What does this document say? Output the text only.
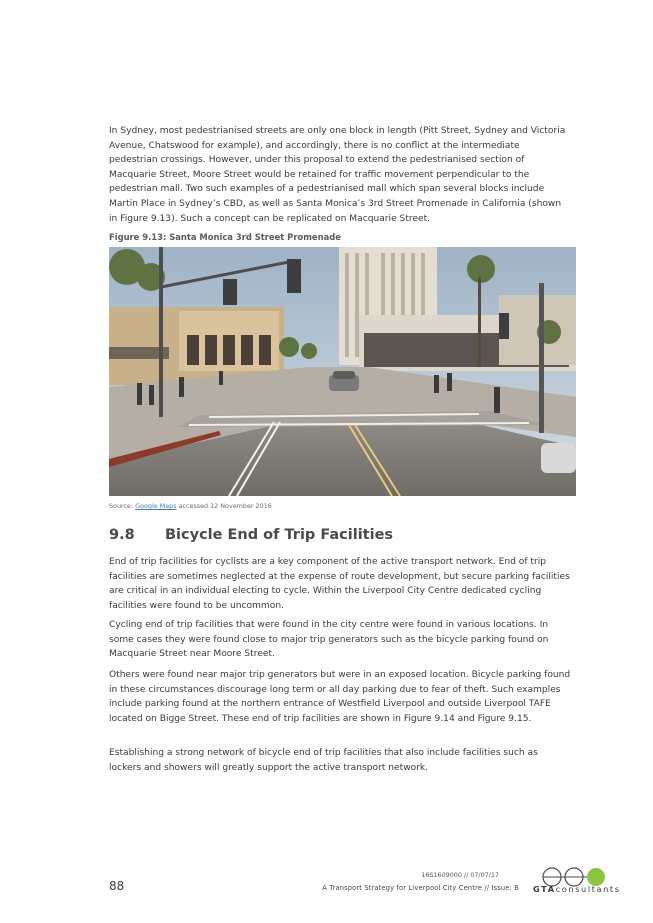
In Sydney, most pedestrianised streets are only one block in length (Pitt Street, Sydney and Victoria Avenue, Chatswood for example), and accordingly, there is no conflict at the intermediate pedestrian crossings. However, under this proposal to extend the pedestrianised section of Macquarie Street, Moore Street would be retained for traffic movement perpendicular to the pedestrian mall. Two such examples of a pedestrianised mall which span several blocks include Martin Place in Sydney’s CBD, as well as Santa Monica’s 3rd Street Promenade in California (shown in Figure 9.13). Such a concept can be replicated on Macquarie Street.

Figure 9.13: Santa Monica 3rd Street Promenade
Source: Google Maps accessed 12 November 2016
9.8 Bicycle End of Trip Facilities

End of trip facilities for cyclists are a key component of the active transport network. End of trip facilities are sometimes neglected at the expense of route development, but secure parking facilities are critical in an individual electing to cycle. Within the Liverpool City Centre dedicated cycling facilities were found to be uncommon.

Cycling end of trip facilities that were found in the city centre were found in various locations. In some cases they were found close to major trip generators such as the bicycle parking found on Macquarie Street near Moore Street.

Others were found near major trip generators but were in an exposed location. Bicycle parking found in these circumstances discourage long term or all day parking due to fear of theft. Such examples include parking found at the northern entrance of Westfield Liverpool and outside Liverpool TAFE located on Bigge Street. These end of trip facilities are shown in Figure 9.14 and Figure 9.15.

Establishing a strong network of bicycle end of trip facilities that also include facilities such as lockers and showers will greatly support the active transport network.

88
16S1609000 // 07/07/17
A Transport Strategy for Liverpool City Centre // Issue: B GTAconsultants
